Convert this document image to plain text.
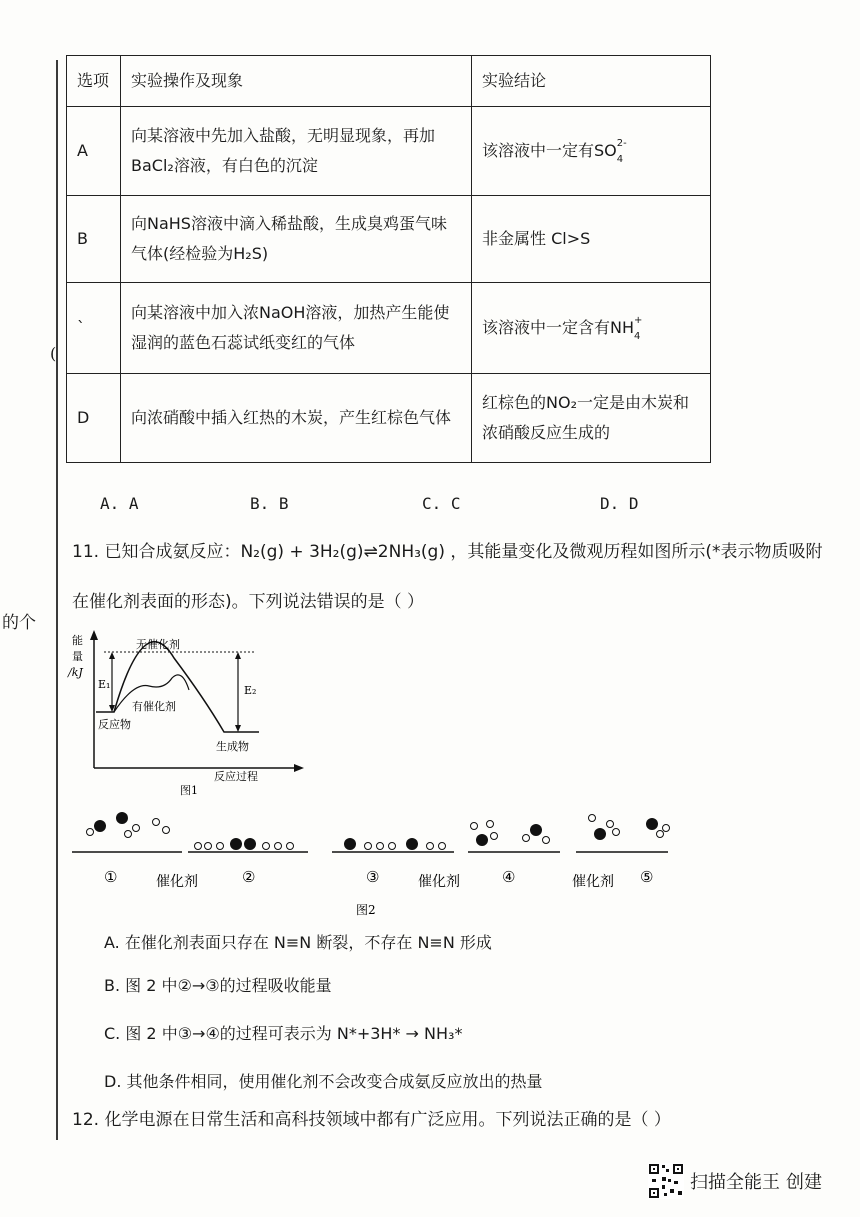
的个
(
选项	实验操作及现象	实验结论
A	向某溶液中先加入盐酸，无明显现象，再加BaCl₂溶液，有白色的沉淀	该溶液中一定有$SO^{2-}$
$_4$
B	向NaHS溶液中滴入稀盐酸，生成臭鸡蛋气味气体(经检验为H₂S)	非金属性 Cl>S
`	向某溶液中加入浓NaOH溶液，加热产生能使湿润的蓝色石蕊试纸变红的气体	该溶液中一定含有NH+
$_4$
D	向浓硝酸中插入红热的木炭，产生红棕色气体	红棕色的NO₂一定是由木炭和浓硝酸反应生成的
A. A	B. B	C. C	D. D
11. 已知合成氨反应：N₂(g) + 3H₂(g)⇌2NH₃(g) ，其能量变化及微观历程如图所示(*表示物质吸附
在催化剂表面的形态)。下列说法错误的是（ ）
能
量
/kJ
无催化剂
有催化剂
反应物
生成物
E₁	E₂
反应过程
图1
①	催化剂	②	③	催化剂	④	催化剂 ⑤
图2
A. 在催化剂表面只存在 N≡N 断裂，不存在 N≡N 形成
B. 图 2 中②→③的过程吸收能量
C. 图 2 中③→④的过程可表示为 N*+3H* → NH₃*
D. 其他条件相同，使用催化剂不会改变合成氨反应放出的热量
12. 化学电源在日常生活和高科技领域中都有广泛应用。下列说法正确的是（ ）
扫描全能王 创建
